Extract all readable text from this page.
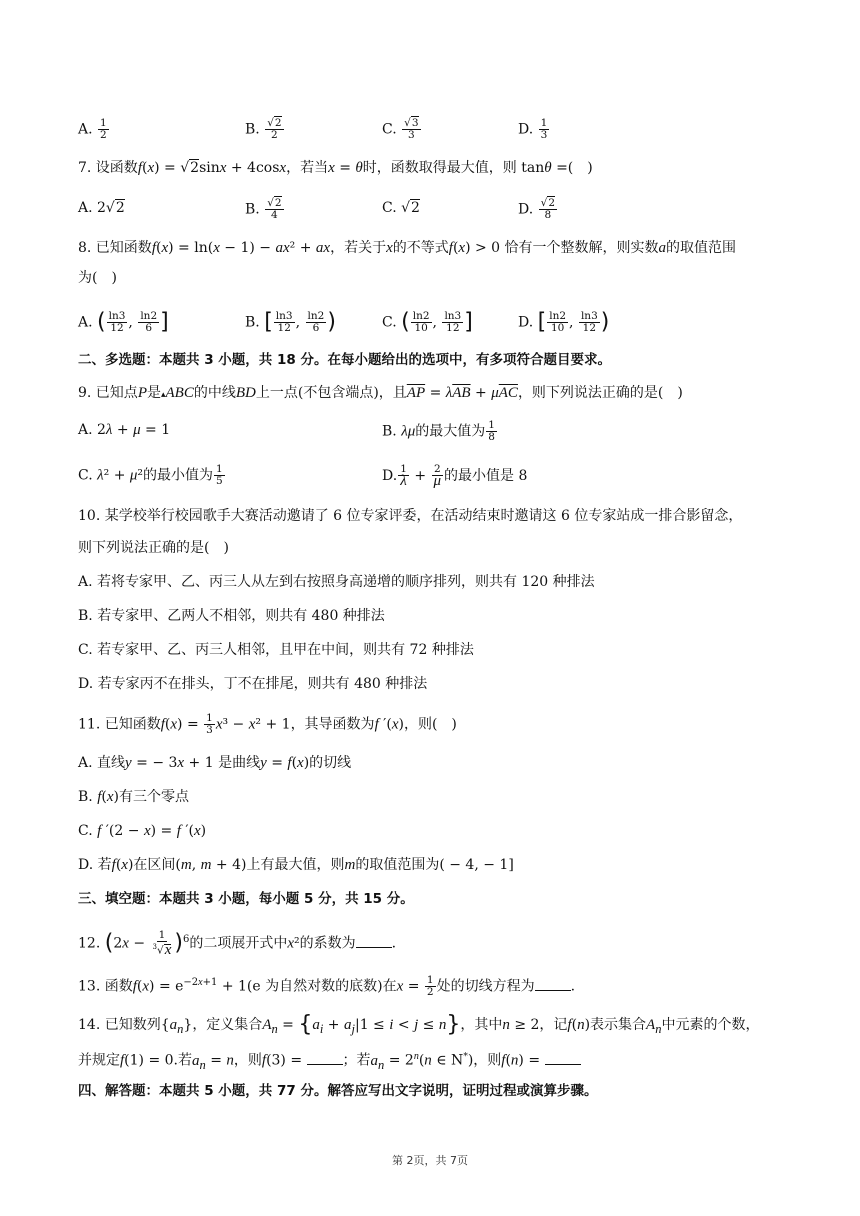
A. $\frac{1}{2}$	B. $\frac{√2}{2}$	C. $\frac{√3}{3}$	D. $\frac{1}{3}$
7. 设函数f(x) = √2sinx + 4cosx，若当x = θ时，函数取得最大值，则 tanθ =(　)
A. 2√2	B. $\frac{√2}{4}$	C. √2	D. $\frac{√2}{8}$
8. 已知函数f(x) = ln(x − 1) − ax² + ax，若关于x的不等式f(x) > 0 恰有一个整数解，则实数a的取值范围
为(　)
A. ( $\frac{\ln 3}{12}$ , $\frac{\ln 2}{6}$ ]	B. [ $\frac{\ln 3}{12}$ , $\frac{\ln 2}{6}$ )	C. ( $\frac{\ln 2}{10}$ , $\frac{\ln 3}{12}$ ]	D. [ $\frac{\ln 2}{10}$ , $\frac{\ln 3}{12}$ )
二、多选题：本题共 3 小题，共 18 分。在每小题给出的选项中，有多项符合题目要求。
9. 已知点P是▴ABC的中线BD上一点(不包含端点)，且$\overline{AP} = \lambda\overline{AB} + \mu\overline{AC}$，则下列说法正确的是(　)
A. 2λ + μ = 1	B. λμ的最大值为 $\frac{1}{8}$
C. λ² + μ²的最小值为 $\frac{1}{5}$	D. $\frac{1}{\lambda} + \frac{2}{\mu}$ 的最小值是 8
10. 某学校举行校园歌手大赛活动邀请了 6 位专家评委，在活动结束时邀请这 6 位专家站成一排合影留念，
则下列说法正确的是(　)
A. 若将专家甲、乙、丙三人从左到右按照身高递增的顺序排列，则共有 120 种排法
B. 若专家甲、乙两人不相邻，则共有 480 种排法
C. 若专家甲、乙、丙三人相邻，且甲在中间，则共有 72 种排法
D. 若专家丙不在排头，丁不在排尾，则共有 480 种排法
11. 已知函数$f(x) = \frac{1}{3} x^3 - x^2 + 1$，其导函数为f ′(x)，则(　)
A. 直线y = − 3x + 1 是曲线y = f(x)的切线
B. f(x)有三个零点
C. f ′(2 − x) = f ′(x)
D. 若f(x)在区间(m, m + 4)上有最大值，则m的取值范围为( − 4, − 1]
三、填空题：本题共 3 小题，每小题 5 分，共 15 分。
12. $(2x - \frac{1}{^3√x} )^6$的二项展开式中x²的系数为	.
13. 函数$f(x) = e^{-2x+1} + 1(e$ 为自然对数的底数)在$x = \frac{1}{2}$ 处的切线方程为	.
14. 已知数列$\{a_n\}$，定义集合$A_n = \{a_i + a_j|1 \le i < j \le n\}$，其中n ≥ 2，记f(n)表示集合$A_n$中元素的个数，
并规定f(1) = 0.若$a_n = n$，则f(3) =	；若$a_n = 2^n(n$ ∈ N*)，则f(n) =
四、解答题：本题共 5 小题，共 77 分。解答应写出文字说明，证明过程或演算步骤。
第 2页，共 7页
